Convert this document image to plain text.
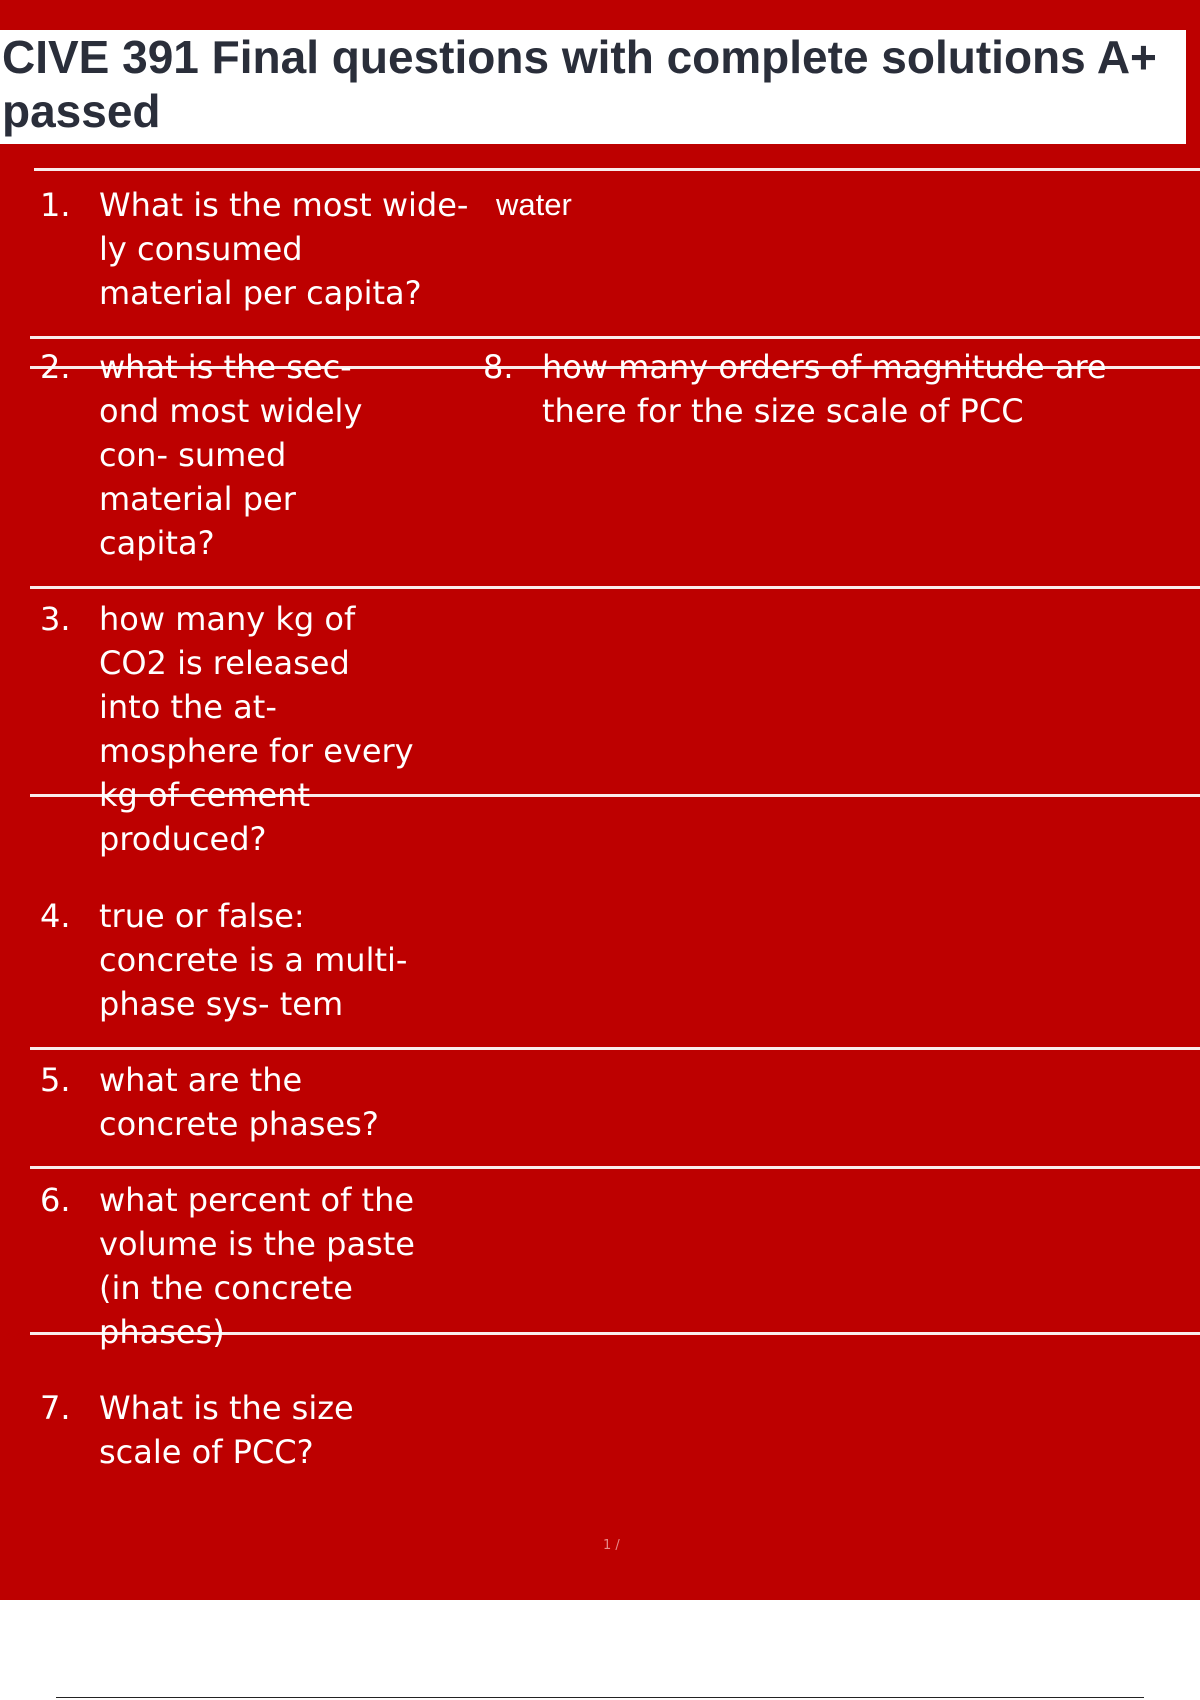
CIVE 391 Final questions with complete solutions A+ passed
1. What is the most wide-
ly consumed
material per capita?
water
2. what is the sec-
ond most widely
con- sumed
material per
capita?
8. how many orders of magnitude are
there for the size scale of PCC
3. how many kg of
CO2 is released
into the at-
mosphere for every
kg of cement
produced?
4. true or false:
concrete is a multi-
phase sys- tem
5. what are the
concrete phases?
6. what percent of the
volume is the paste
(in the concrete
phases)
7. What is the size
scale of PCC?
1 /
